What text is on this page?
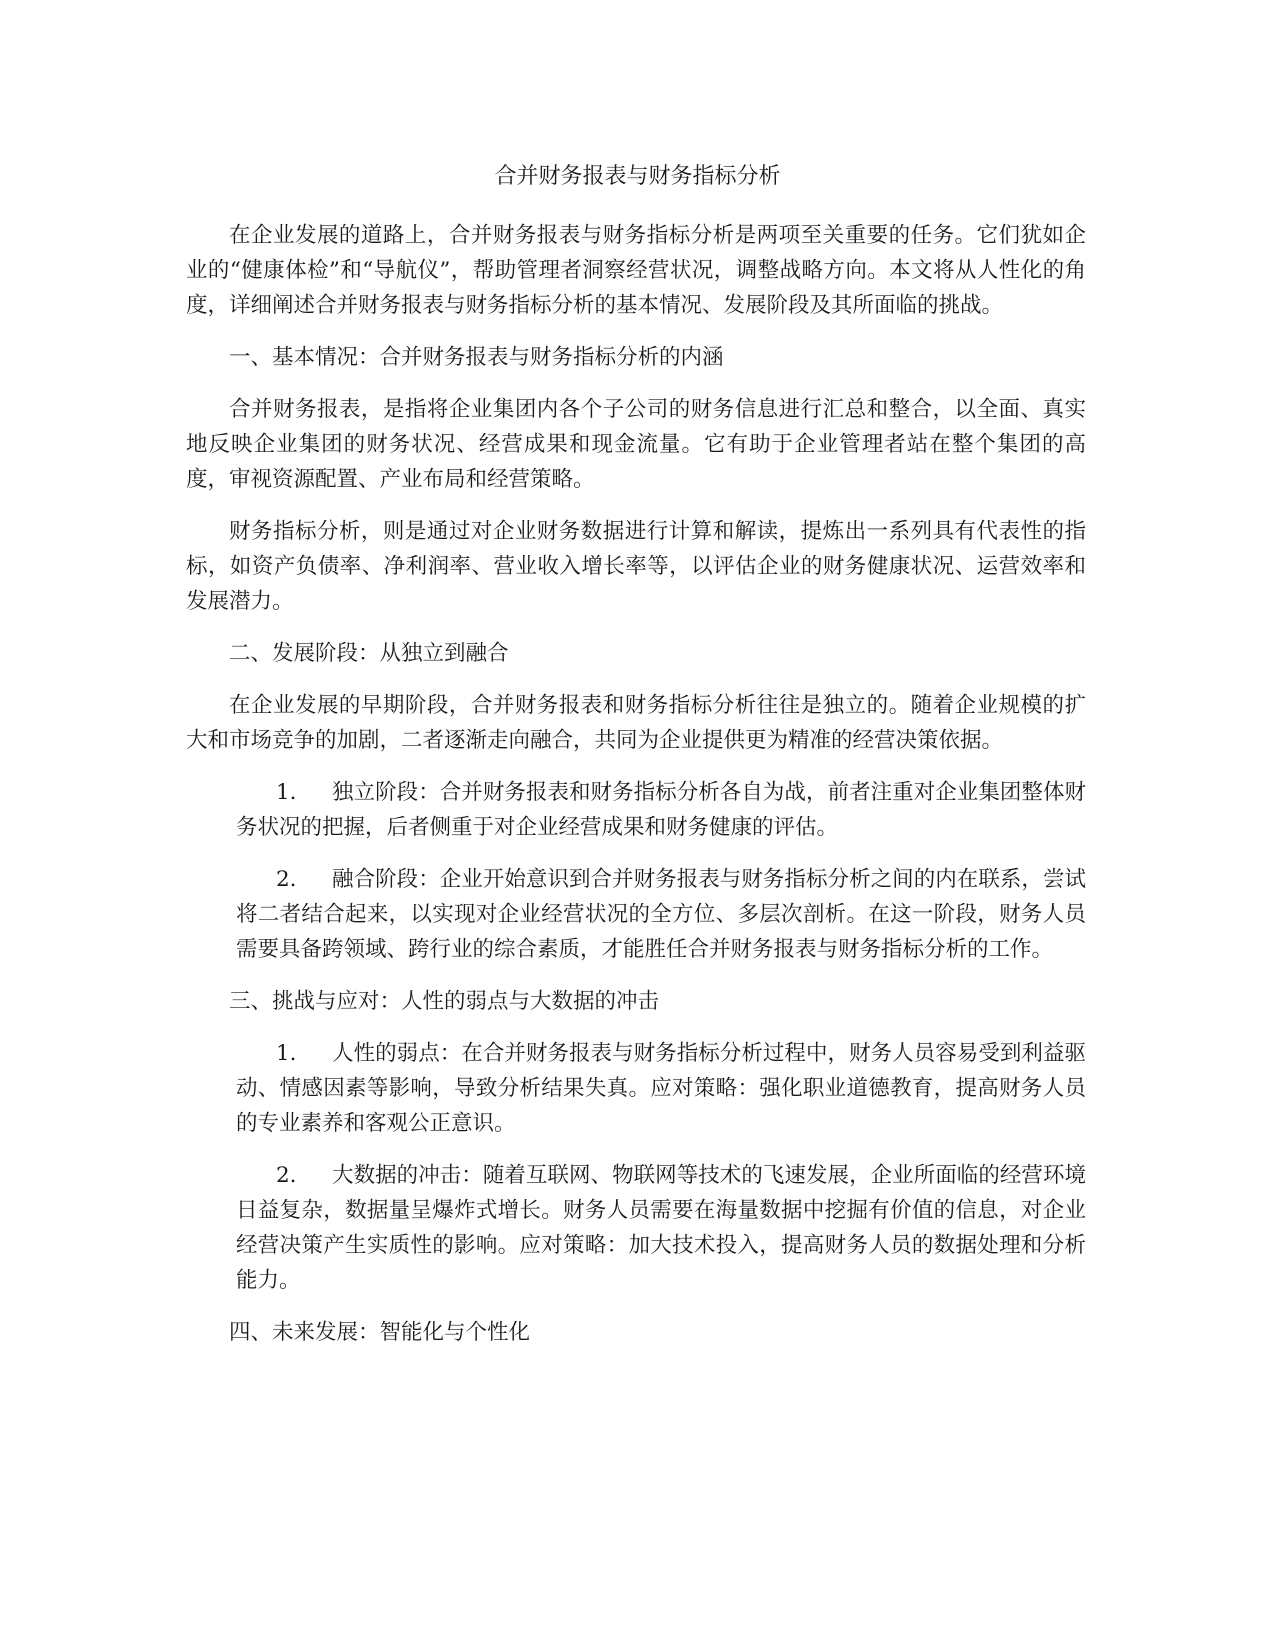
合并财务报表与财务指标分析

在企业发展的道路上，合并财务报表与财务指标分析是两项至关重要的任务。它们犹如企业的“健康体检”和“导航仪”，帮助管理者洞察经营状况，调整战略方向。本文将从人性化的角度，详细阐述合并财务报表与财务指标分析的基本情况、发展阶段及其所面临的挑战。

一、基本情况：合并财务报表与财务指标分析的内涵

合并财务报表，是指将企业集团内各个子公司的财务信息进行汇总和整合，以全面、真实地反映企业集团的财务状况、经营成果和现金流量。它有助于企业管理者站在整个集团的高度，审视资源配置、产业布局和经营策略。

财务指标分析，则是通过对企业财务数据进行计算和解读，提炼出一系列具有代表性的指标，如资产负债率、净利润率、营业收入增长率等，以评估企业的财务健康状况、运营效率和发展潜力。

二、发展阶段：从独立到融合

在企业发展的早期阶段，合并财务报表和财务指标分析往往是独立的。随着企业规模的扩大和市场竞争的加剧，二者逐渐走向融合，共同为企业提供更为精准的经营决策依据。

1. 独立阶段：合并财务报表和财务指标分析各自为战，前者注重对企业集团整体财务状况的把握，后者侧重于对企业经营成果和财务健康的评估。
2. 融合阶段：企业开始意识到合并财务报表与财务指标分析之间的内在联系，尝试将二者结合起来，以实现对企业经营状况的全方位、多层次剖析。在这一阶段，财务人员需要具备跨领域、跨行业的综合素质，才能胜任合并财务报表与财务指标分析的工作。

三、挑战与应对：人性的弱点与大数据的冲击

1. 人性的弱点：在合并财务报表与财务指标分析过程中，财务人员容易受到利益驱动、情感因素等影响，导致分析结果失真。应对策略：强化职业道德教育，提高财务人员的专业素养和客观公正意识。
2. 大数据的冲击：随着互联网、物联网等技术的飞速发展，企业所面临的经营环境日益复杂，数据量呈爆炸式增长。财务人员需要在海量数据中挖掘有价值的信息，对企业经营决策产生实质性的影响。应对策略：加大技术投入，提高财务人员的数据处理和分析能力。

四、未来发展：智能化与个性化
